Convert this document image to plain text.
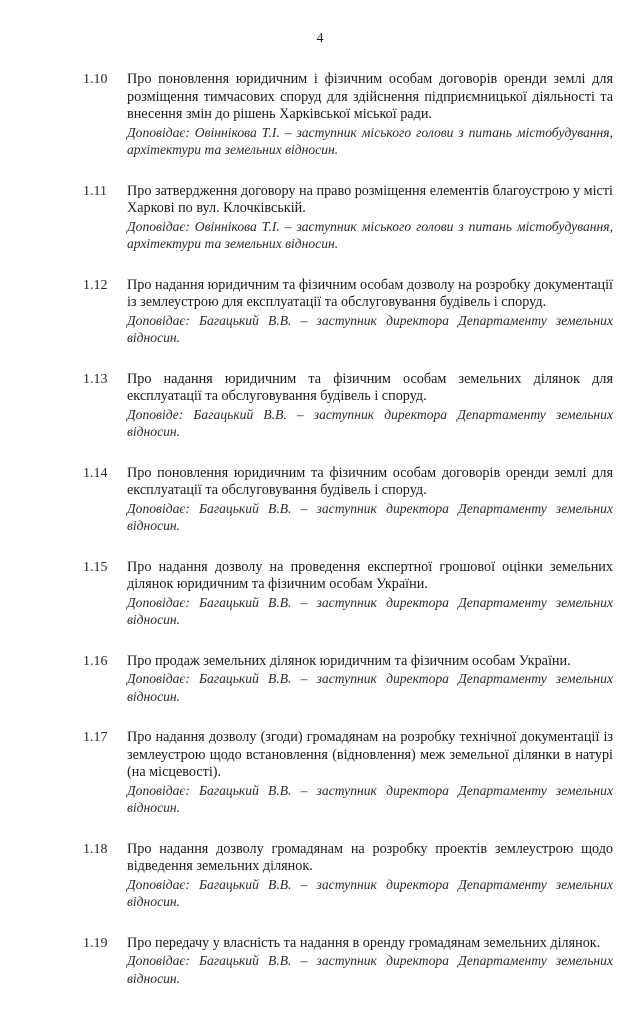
4
1.10 Про поновлення юридичним і фізичним особам договорів оренди землі для розміщення тимчасових споруд для здійснення підприємницької діяльності та внесення змін до рішень Харківської міської ради.

Доповідає: Овіннікова Т.І. – заступник міського голови з питань містобудування, архітектури та земельних відносин.

1.11 Про затвердження договору на право розміщення елементів благоустрою у місті Харкові по вул. Клочківській.

Доповідає: Овіннікова Т.І. – заступник міського голови з питань містобудування, архітектури та земельних відносин.

1.12 Про надання юридичним та фізичним особам дозволу на розробку документації із землеустрою для експлуатації та обслуговування будівель і споруд.

Доповідає: Багацький В.В. – заступник директора Департаменту земельних відносин.

1.13 Про надання юридичним та фізичним особам земельних ділянок для експлуатації та обслуговування будівель і споруд.

Доповіде: Багацький В.В. – заступник директора Департаменту земельних відносин.

1.14 Про поновлення юридичним та фізичним особам договорів оренди землі для експлуатації та обслуговування будівель і споруд.

Доповідає: Багацький В.В. – заступник директора Департаменту земельних відносин.

1.15 Про надання дозволу на проведення експертної грошової оцінки земельних ділянок юридичним та фізичним особам України.

Доповідає: Багацький В.В. – заступник директора Департаменту земельних відносин.

1.16 Про продаж земельних ділянок юридичним та фізичним особам України.

Доповідає: Багацький В.В. – заступник директора Департаменту земельних відносин.

1.17 Про надання дозволу (згоди) громадянам на розробку технічної документації із землеустрою щодо встановлення (відновлення) меж земельної ділянки в натурі (на місцевості).

Доповідає: Багацький В.В. – заступник директора Департаменту земельних відносин.

1.18 Про надання дозволу громадянам на розробку проектів землеустрою щодо відведення земельних ділянок.

Доповідає: Багацький В.В. – заступник директора Департаменту земельних відносин.

1.19 Про передачу у власність та надання в оренду громадянам земельних ділянок.

Доповідає: Багацький В.В. – заступник директора Департаменту земельних відносин.
